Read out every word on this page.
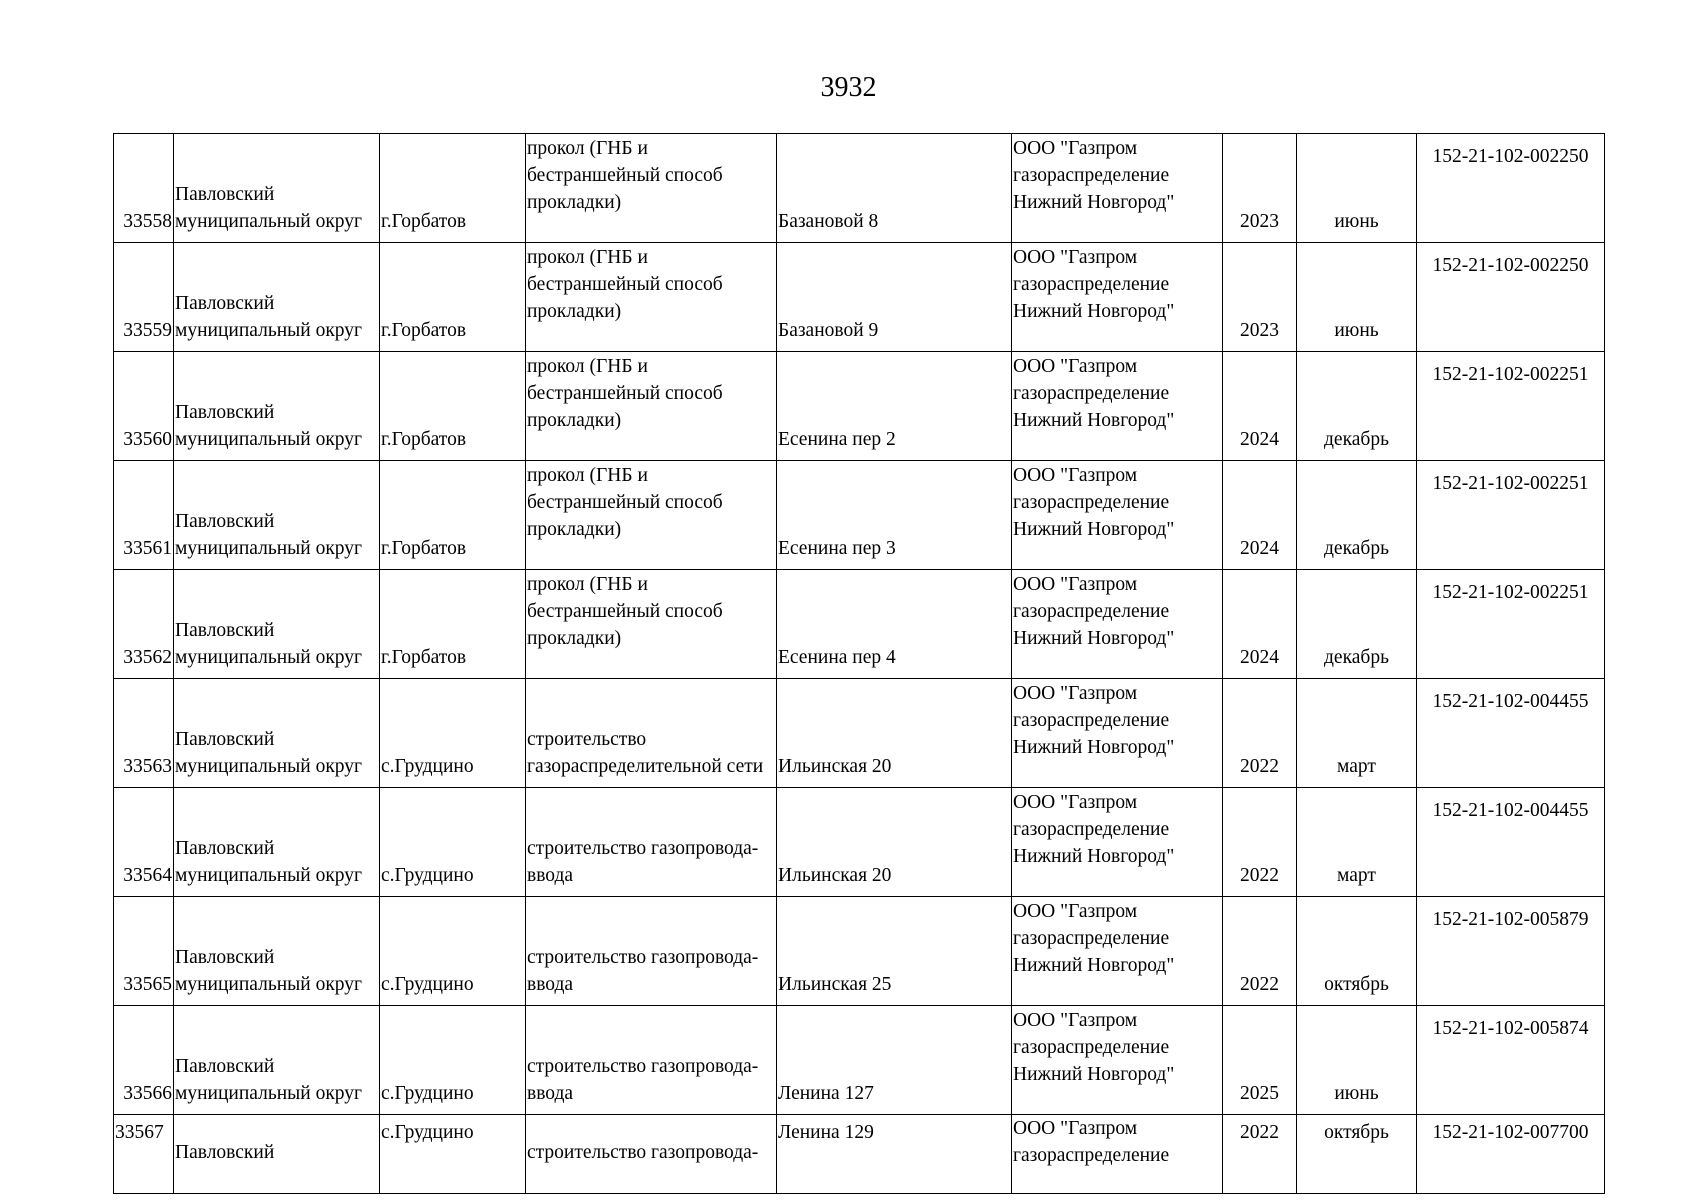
3932
33558	Павловский
муниципальный округ	г.Горбатов	прокол (ГНБ и
бестраншейный способ
прокладки)	Базановой 8	ООО "Газпром
газораспределение
Нижний Новгород"	2023	июнь	152-21-102-002250

33559	Павловский
муниципальный округ	г.Горбатов	прокол (ГНБ и
бестраншейный способ
прокладки)	Базановой 9	ООО "Газпром
газораспределение
Нижний Новгород"	2023	июнь	152-21-102-002250

33560	Павловский
муниципальный округ	г.Горбатов	прокол (ГНБ и
бестраншейный способ
прокладки)	Есенина пер 2	ООО "Газпром
газораспределение
Нижний Новгород"	2024	декабрь	152-21-102-002251

33561	Павловский
муниципальный округ	г.Горбатов	прокол (ГНБ и
бестраншейный способ
прокладки)	Есенина пер 3	ООО "Газпром
газораспределение
Нижний Новгород"	2024	декабрь	152-21-102-002251

33562	Павловский
муниципальный округ	г.Горбатов	прокол (ГНБ и
бестраншейный способ
прокладки)	Есенина пер 4	ООО "Газпром
газораспределение
Нижний Новгород"	2024	декабрь	152-21-102-002251

33563	Павловский
муниципальный округ	с.Грудцино	строительство
газораспределительной сети	Ильинская 20	ООО "Газпром
газораспределение
Нижний Новгород"	2022	март	152-21-102-004455

33564	Павловский
муниципальный округ	с.Грудцино	строительство газопровода-
ввода	Ильинская 20	ООО "Газпром
газораспределение
Нижний Новгород"	2022	март	152-21-102-004455

33565	Павловский
муниципальный округ	с.Грудцино	строительство газопровода-
ввода	Ильинская 25	ООО "Газпром
газораспределение
Нижний Новгород"	2022	октябрь	152-21-102-005879

33566	Павловский
муниципальный округ	с.Грудцино	строительство газопровода-
ввода	Ленина 127	ООО "Газпром
газораспределение
Нижний Новгород"	2025	июнь	152-21-102-005874

33567	Павловский	с.Грудцино	строительство газопровода-	Ленина 129	ООО "Газпром
газораспределение	2022	октябрь	152-21-102-007700
